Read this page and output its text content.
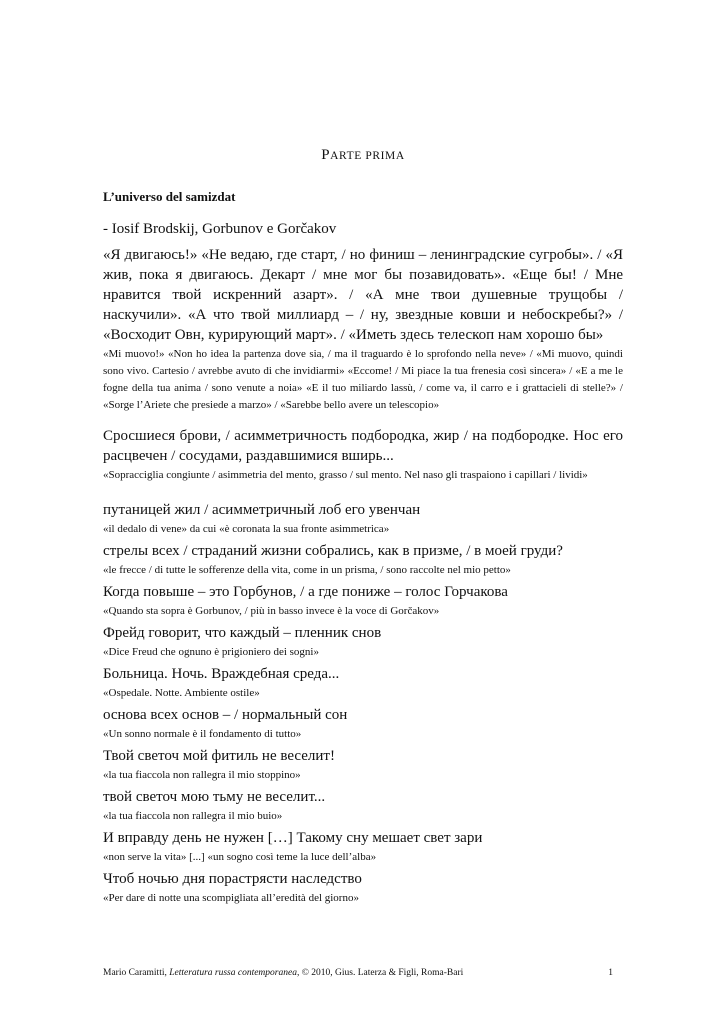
PARTE PRIMA
L’universo del samizdat
- Iosif Brodskij, Gorbunov e Gorčakov
«Я двигаюсь!» «Не ведаю, где старт, / но финиш – ленинградские сугробы». / «Я жив, пока я двигаюсь. Декарт / мне мог бы позавидовать». «Еще бы! / Мне нравится твой искренний азарт». / «А мне твои душевные трущобы / наскучили». «А что твой миллиард – / ну, звездные ковши и небоскребы?» / «Восходит Овн, курирующий март». / «Иметь здесь телескоп нам хорошо бы»
«Mi muovo!» «Non ho idea la partenza dove sia, / ma il traguardo è lo sprofondo nella neve» / «Mi muovo, quindi sono vivo. Cartesio / avrebbe avuto di che invidiarmi» «Eccome! / Mi piace la tua frenesia così sincera» / «E a me le fogne della tua anima / sono venute a noia» «E il tuo miliardo lassù, / come va, il carro e i grattacieli di stelle?» / «Sorge l’Ariete che presiede a marzo» / «Sarebbe bello avere un telescopio»
Сросшиеся брови, / асимметричность подбородка, жир / на подбородке. Нос его расцвечен / сосудами, раздавшимися вширь...
«Sopracciglia congiunte / asimmetria del mento, grasso / sul mento. Nel naso gli traspaiono i capillari / lividi»
путаницей жил / асимметричный лоб его увенчан
«il dedalo di vene» da cui «è coronata la sua fronte asimmetrica»
стрелы всех / страданий жизни собрались, как в призме, / в моей груди?
«le frecce / di tutte le sofferenze della vita, come in un prisma, / sono raccolte nel mio petto»
Когда повыше – это Горбунов, / а где пониже – голос Горчакова
«Quando sta sopra è Gorbunov, / più in basso invece è la voce di Gorčakov»
Фрейд говорит, что каждый – пленник снов
«Dice Freud che ognuno è prigioniero dei sogni»
Больница. Ночь. Враждебная среда...
«Ospedale. Notte. Ambiente ostile»
основа всех основ – / нормальный сон
«Un sonno normale è il fondamento di tutto»
Твой светоч мой фитиль не веселит!
«la tua fiaccola non rallegra il mio stoppino»
твой светоч мою тьму не веселит...
«la tua fiaccola non rallegra il mio buio»
И вправду день не нужен […] Такому сну мешает свет зари
«non serve la vita» [...] «un sogno così teme la luce dell’alba»
Чтоб ночью дня порастрясти наследство
«Per dare di notte una scompigliata all’eredità del giorno»
Mario Caramitti, Letteratura russa contemporanea, © 2010, Gius. Laterza & Figli, Roma-Bari	1
